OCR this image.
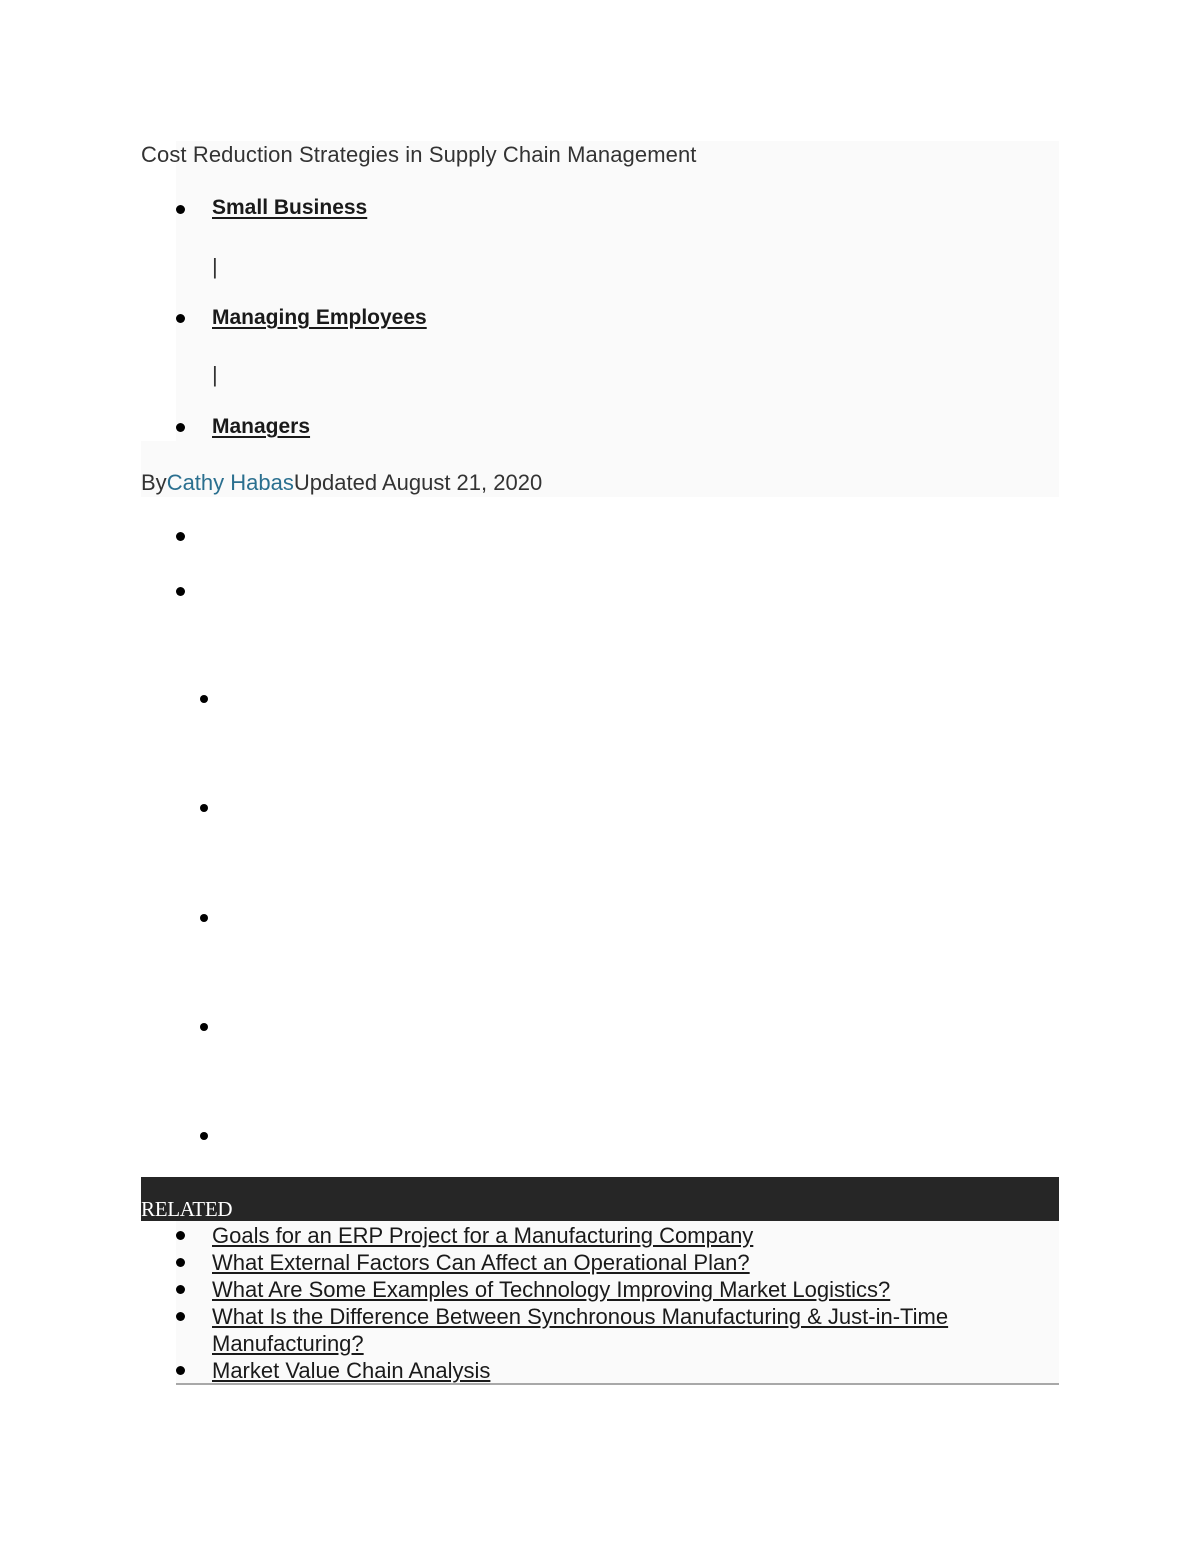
Cost Reduction Strategies in Supply Chain Management
Small Business
|
Managing Employees
|
Managers
ByCathy HabasUpdated August 21, 2020
RELATED
Goals for an ERP Project for a Manufacturing Company
What External Factors Can Affect an Operational Plan?
What Are Some Examples of Technology Improving Market Logistics?
What Is the Difference Between Synchronous Manufacturing & Just-in-Time Manufacturing?
Market Value Chain Analysis
